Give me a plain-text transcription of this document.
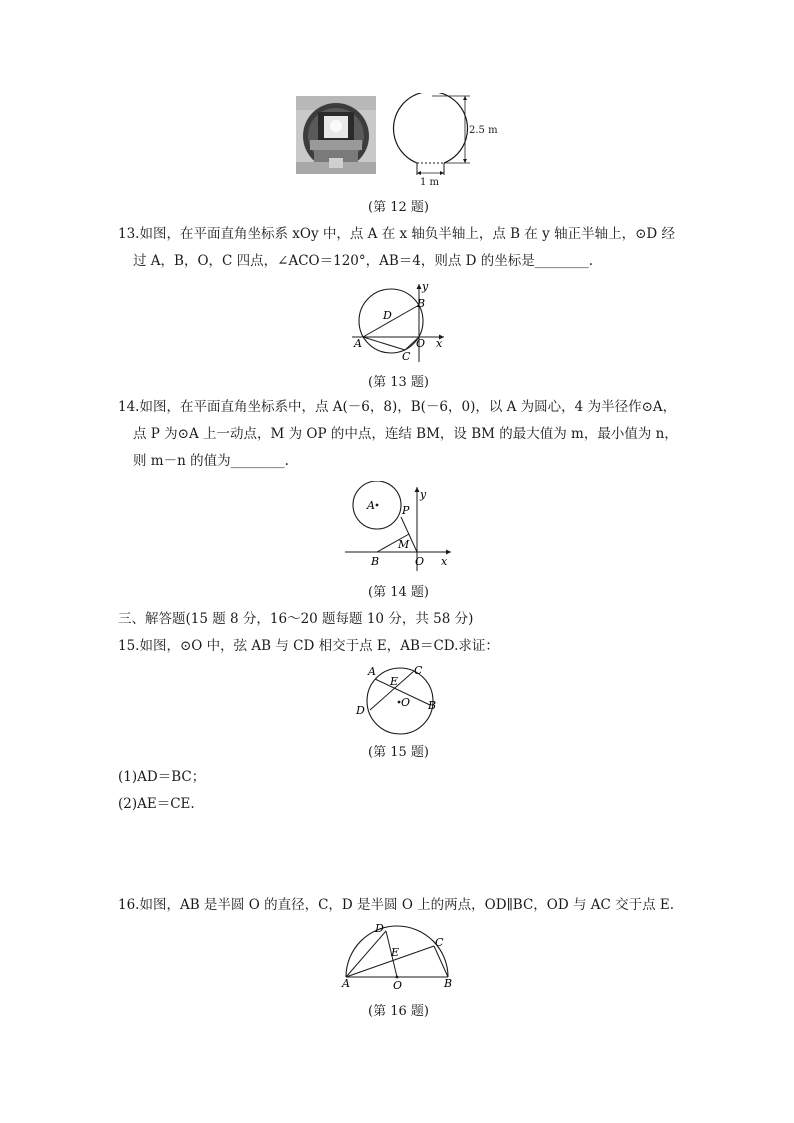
2.5 m
1 m
(第 12 题)
13.如图，在平面直角坐标系 xOy 中，点 A 在 x 轴负半轴上，点 B 在 y 轴正半轴上，⊙D 经
过 A，B，O，C 四点，∠ACO＝120°，AB＝4，则点 D 的坐标是________.
y
B
D
A	O x
C
(第 13 题)
14.如图，在平面直角坐标系中，点 A(－6，8)，B(－6，0)，以 A 为圆心，4 为半径作⊙A，
点 P 为⊙A 上一动点，M 为 OP 的中点，连结 BM，设 BM 的最大值为 m，最小值为 n，
则 m－n 的值为________.
y
A P
M
B	O x
(第 14 题)
三、解答题(15 题 8 分，16～20 题每题 10 分，共 58 分)
15.如图，⊙O 中，弦 AB 与 CD 相交于点 E，AB＝CD.求证：
A	C
E
O
D	B
(第 15 题)
(1)AD＝BC；
(2)AE＝CE.
16.如图，AB 是半圆 O 的直径，C，D 是半圆 O 上的两点，OD∥BC，OD 与 AC 交于点 E.
D
C
E
A	O	B
(第 16 题)
